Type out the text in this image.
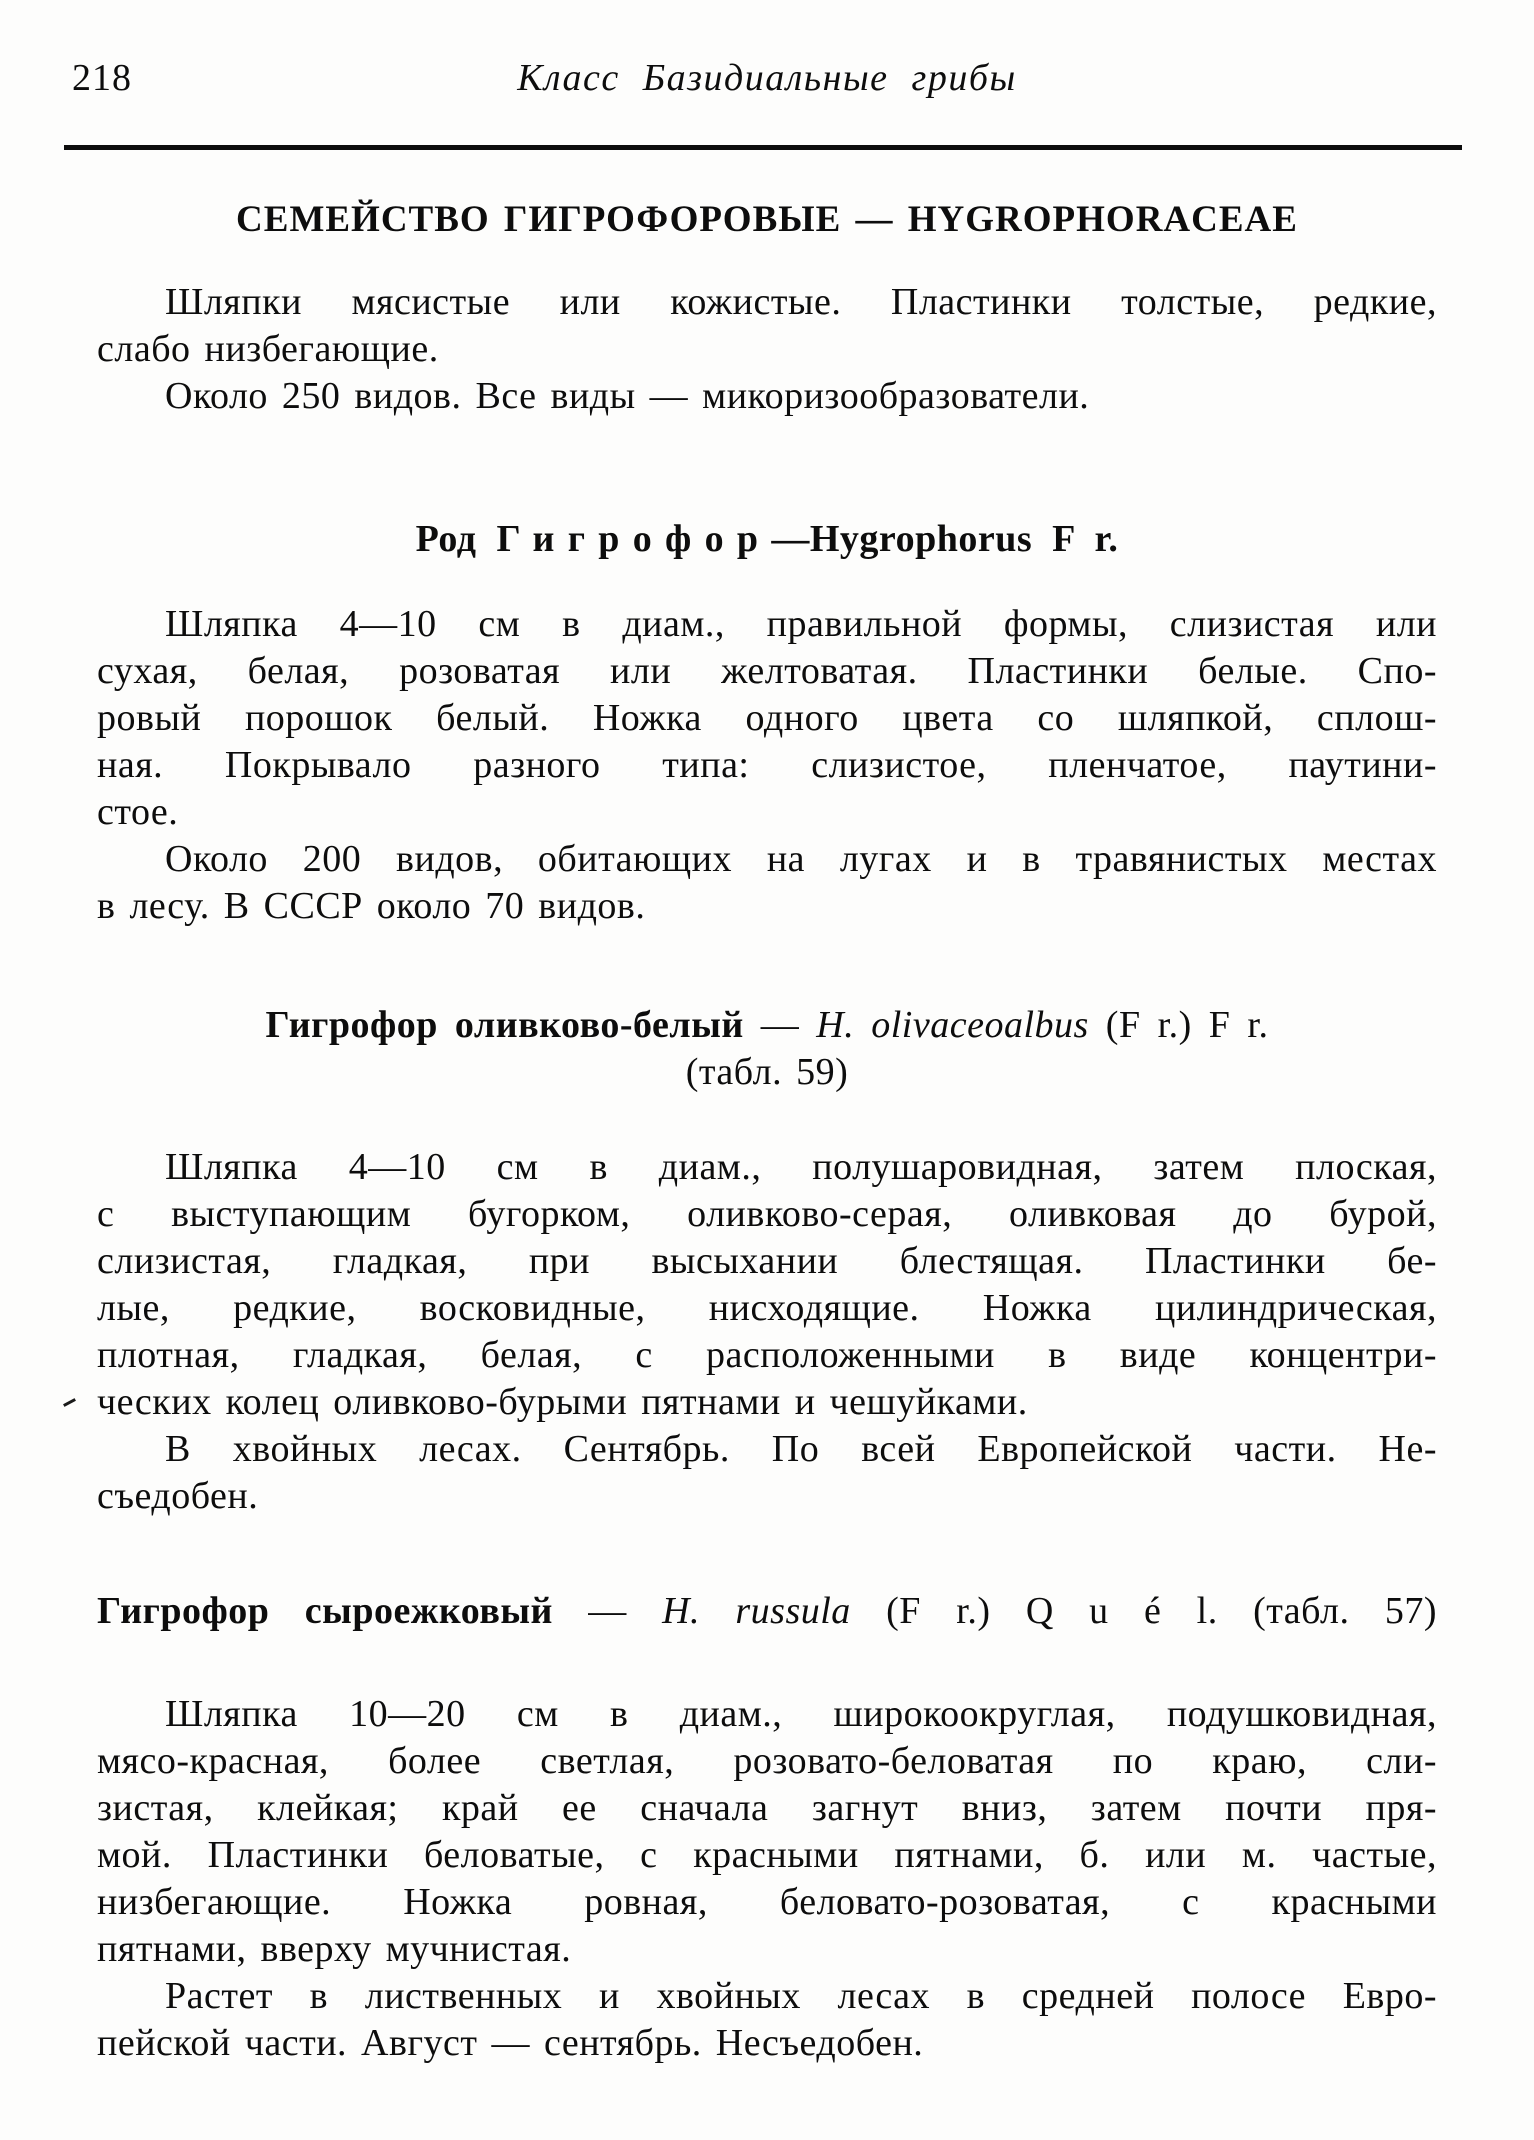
218	Класс Базидиальные грибы
СЕМЕЙСТВО ГИГРОФОРОВЫЕ — HYGROPHORACEAE
Шляпки мясистые или кожистые. Пластинки толстые, редкие,
слабо низбегающие.
Около 250 видов. Все виды — микоризообразователи.
Род Гигрофор—Hygrophorus F r.
Шляпка 4—10 см в диам., правильной формы, слизистая или
сухая, белая, розоватая или желтоватая. Пластинки белые. Спо-
ровый порошок белый. Ножка одного цвета со шляпкой, сплош-
ная. Покрывало разного типа: слизистое, пленчатое, паутини-
стое.
Около 200 видов, обитающих на лугах и в травянистых местах
в лесу. В СССР около 70 видов.
Гигрофор оливково-белый — H. olivaceoalbus (F r.) F r.
(табл. 59)
Шляпка 4—10 см в диам., полушаровидная, затем плоская,
с выступающим бугорком, оливково-серая, оливковая до бурой,
слизистая, гладкая, при высыхании блестящая. Пластинки бе-
лые, редкие, восковидные, нисходящие. Ножка цилиндрическая,
плотная, гладкая, белая, с расположенными в виде концентри-
ческих колец оливково-бурыми пятнами и чешуйками.
В хвойных лесах. Сентябрь. По всей Европейской части. Не-
съедобен.
Гигрофор сыроежковый — H. russula (F r.) Q u é l. (табл. 57)
Шляпка 10—20 см в диам., широкоокруглая, подушковидная,
мясо-красная, более светлая, розовато-беловатая по краю, сли-
зистая, клейкая; край ее сначала загнут вниз, затем почти пря-
мой. Пластинки беловатые, с красными пятнами, б. или м. частые,
низбегающие. Ножка ровная, беловато-розоватая, с красными
пятнами, вверху мучнистая.
Растет в лиственных и хвойных лесах в средней полосе Евро-
пейской части. Август — сентябрь. Несъедобен.
